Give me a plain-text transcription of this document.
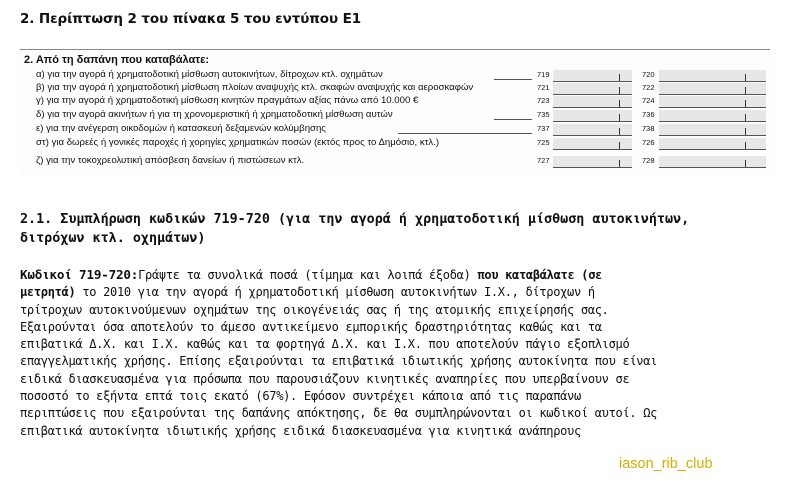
2. Περίπτωση 2 του πίνακα 5 του εντύπου Ε1
2. Από τη δαπάνη που καταβάλατε:
α) για την αγορά ή χρηματοδοτική μίσθωση αυτοκινήτων, δίτροχων κτλ. οχημάτων	719	720
β) για την αγορά ή χρηματοδοτική μίσθωση πλοίων αναψυχής κτλ. σκαφών αναψυχής και αεροσκαφών	721	722
γ) για την αγορά ή χρηματοδοτική μίσθωση κινητών πραγμάτων αξίας πάνω από 10.000 €	723	724
δ) για την αγορά ακινήτων ή για τη χρονομεριστική ή χρηματοδοτική μίσθωση αυτών	735	736
ε) για την ανέγερση οικοδομών ή κατασκευή δεξαμενών κολύμβησης	737	738
στ) για δωρεές ή γονικές παροχές ή χορηγίες χρηματικών ποσών (εκτός προς το Δημόσιο, κτλ.)	725	726
ζ) για την τοκοχρεολυτική απόσβεση δανείων ή πιστώσεων κτλ.	727	728
2.1. Συμπλήρωση κωδικών 719-720 (για την αγορά ή χρηματοδοτική μίσθωση αυτοκινήτων, διτρόχων κτλ. οχημάτων)
Κωδικοί 719-720:Γράψτε τα συνολικά ποσά (τίμημα και λοιπά έξοδα) που καταβάλατε (σε μετρητά) το 2010 για την αγορά ή χρηματοδοτική μίσθωση αυτοκινήτων Ι.Χ., δίτροχων ή τρίτροχων αυτοκινούμενων οχημάτων της οικογένειάς σας ή της ατομικής επιχείρησής σας. Εξαιρούνται όσα αποτελούν το άμεσο αντικείμενο εμπορικής δραστηριότητας καθώς και τα επιβατικά Δ.Χ. και Ι.Χ. καθώς και τα φορτηγά Δ.Χ. και Ι.Χ. που αποτελούν πάγιο εξοπλισμό επαγγελματικής χρήσης. Επίσης εξαιρούνται τα επιβατικά ιδιωτικής χρήσης αυτοκίνητα που είναι ειδικά διασκευασμένα για πρόσωπα που παρουσιάζουν κινητικές αναπηρίες που υπερβαίνουν σε ποσοστό το εξήντα επτά τοις εκατό (67%). Εφόσον συντρέχει κάποια από τις παραπάνω περιπτώσεις που εξαιρούνται της δαπάνης απόκτησης, δε θα συμπληρώνονται οι κωδικοί αυτοί. Ως επιβατικά αυτοκίνητα ιδιωτικής χρήσης ειδικά διασκευασμένα για κινητικά ανάπηρους
iason_rib_club
